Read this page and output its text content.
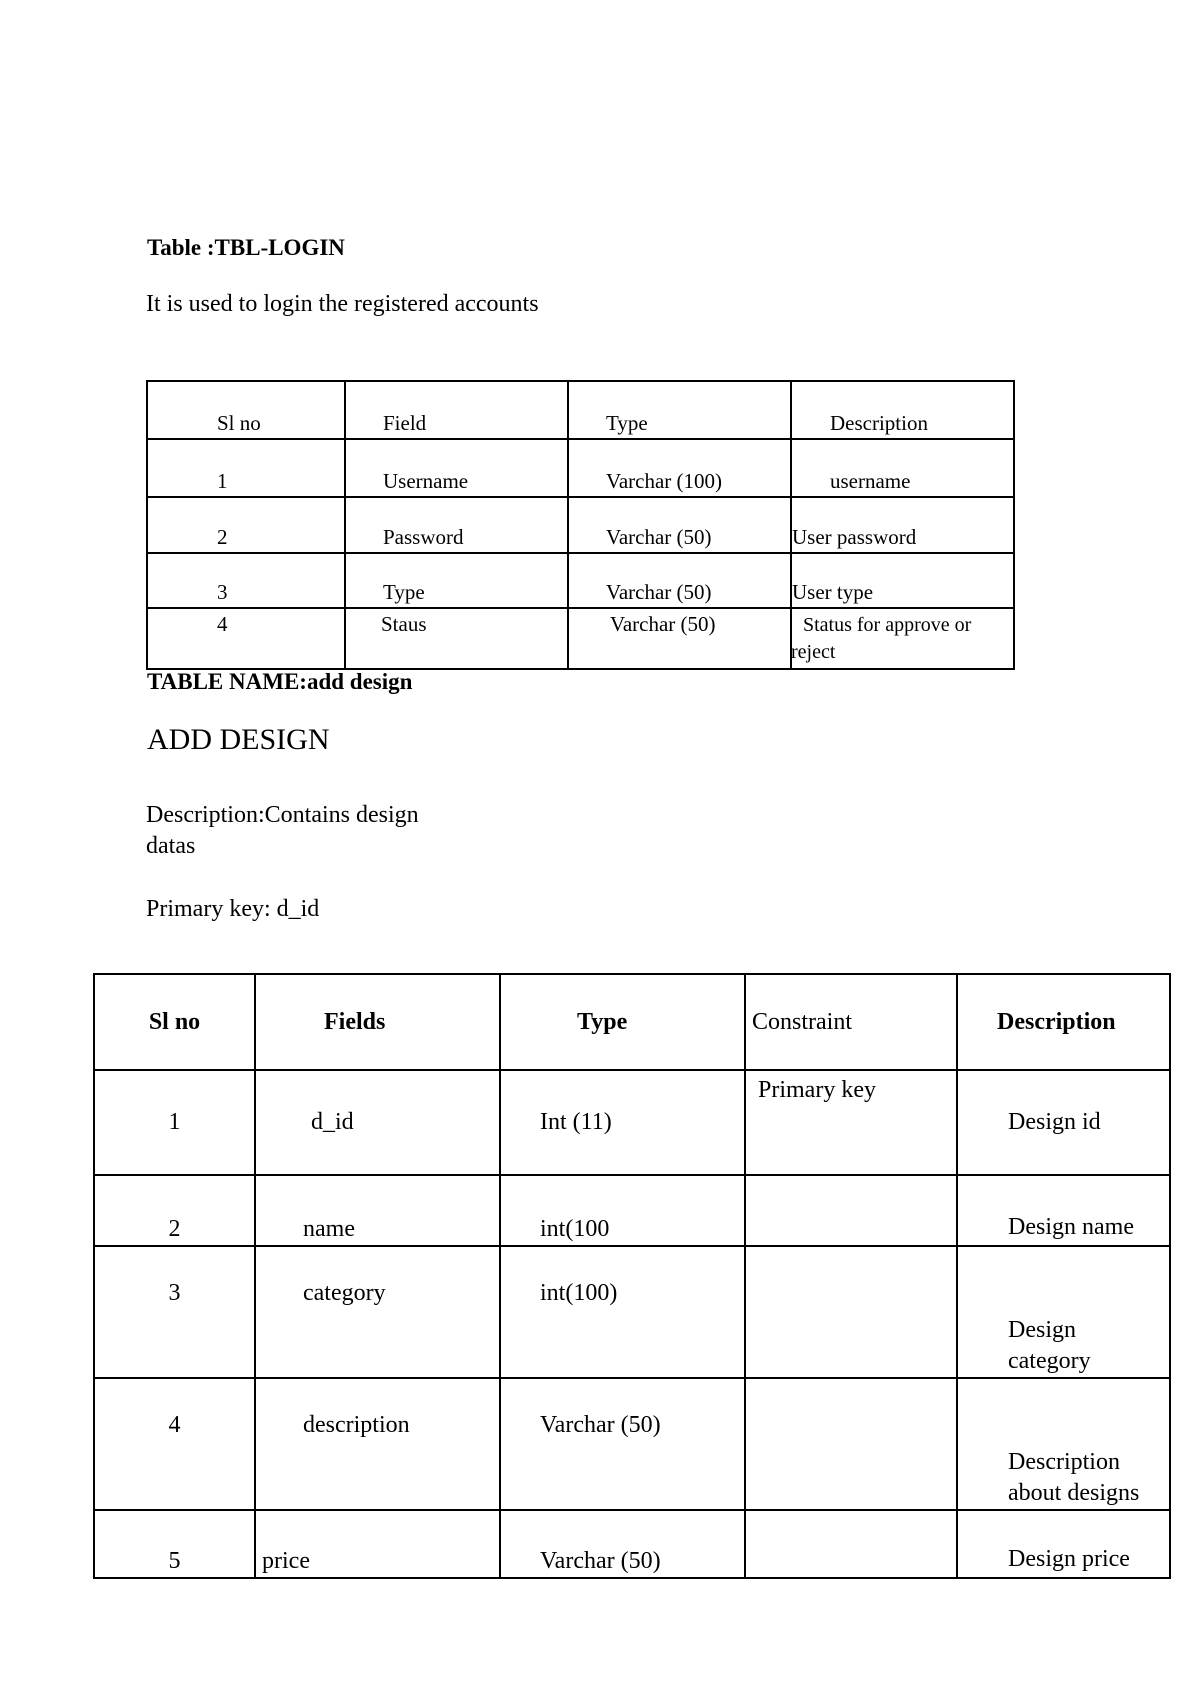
Table :TBL-LOGIN
It is used to login the registered accounts
Sl no	Field	Type	Description
1	Username	Varchar (100)	username
2	Password	Varchar (50)	User password
3	Type	Varchar (50)	User type
4	Staus	Varchar (50)	Status for approve or
reject
TABLE NAME:add design
ADD DESIGN
Description:Contains design
datas
Primary key: d_id
Sl no	Fields	Type	Constraint	Description
1	d_id	Int (11)	Primary key	Design id
2	name	int(100		Design name
3	category	int(100)		Design
category

4	description	Varchar (50)		Description
about designs

5	price	Varchar (50)		Design price
